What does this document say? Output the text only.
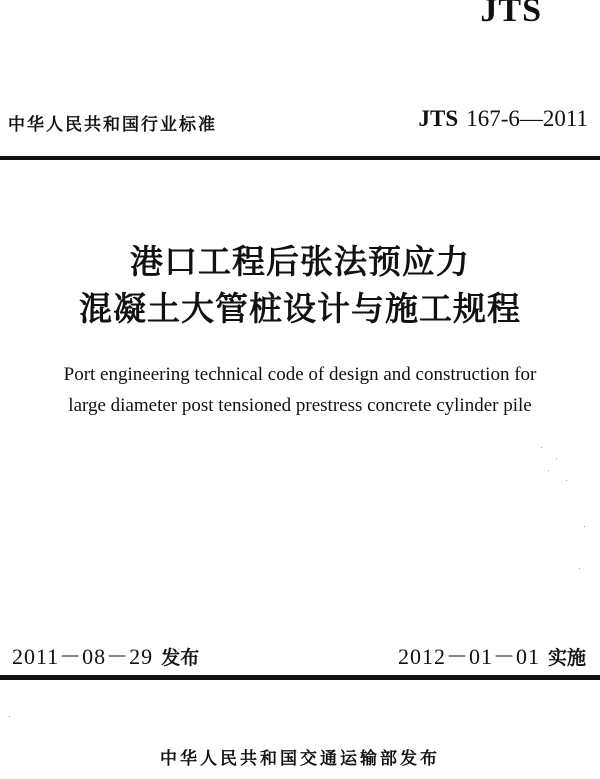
JTS
中华人民共和国行业标准	JTS 167-6—2011
港口工程后张法预应力
混凝土大管桩设计与施工规程
Port engineering technical code of design and construction for
large diameter post tensioned prestress concrete cylinder pile
2011－08－29 发布	2012－01－01 实施
中华人民共和国交通运输部发布
